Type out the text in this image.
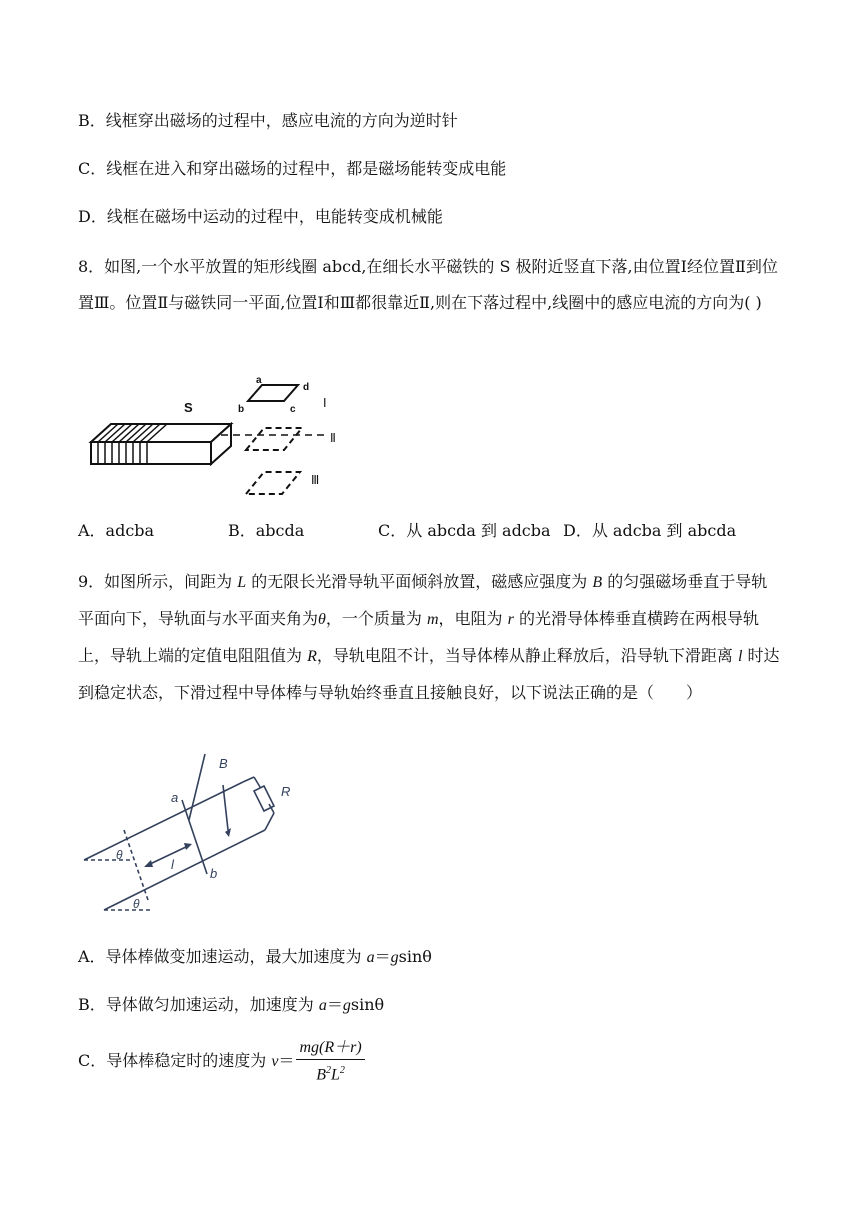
B．线框穿出磁场的过程中，感应电流的方向为逆时针
C．线框在进入和穿出磁场的过程中，都是磁场能转变成电能
D．线框在磁场中运动的过程中，电能转变成机械能
8．如图,一个水平放置的矩形线圈 abcd,在细长水平磁铁的 S 极附近竖直下落,由位置Ⅰ经位置Ⅱ到位置Ⅲ。位置Ⅱ与磁铁同一平面,位置Ⅰ和Ⅲ都很靠近Ⅱ,则在下落过程中,线圈中的感应电流的方向为( )
S
a
b	c
d
Ⅰ
Ⅱ
Ⅲ
A．adcba	B．abcda	C．从 abcda 到 adcba D．从 adcba 到 abcda
9．如图所示，间距为 L 的无限长光滑导轨平面倾斜放置，磁感应强度为 B 的匀强磁场垂直于导轨平面向下，导轨面与水平面夹角为θ，一个质量为 m，电阻为 r 的光滑导体棒垂直横跨在两根导轨上，导轨上端的定值电阻阻值为 R，导轨电阻不计，当导体棒从静止释放后，沿导轨下滑距离 l 时达到稳定状态，下滑过程中导体棒与导轨始终垂直且接触良好，以下说法正确的是（　　）
B
R
a
b
l
θ
θ
A．导体棒做变加速运动，最大加速度为 a＝gsinθ
B．导体做匀加速运动，加速度为 a＝gsinθ
C．导体棒稳定时的速度为 $v= \frac{mg(R+r)}{B^2L^2}$
